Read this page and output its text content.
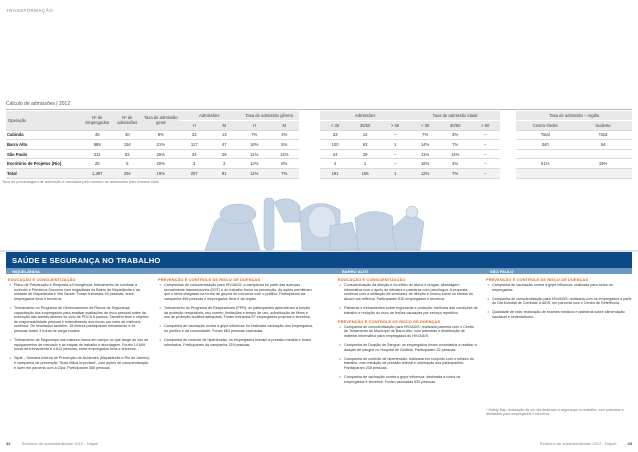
TRANSFORMAÇÃO
Cálculo de admissões | 2012
Operação	Nº de Empregados	Nº de admissões	Taxa de admissão geral	Admissões		Taxa de admissão gênero			Admissões			Taxa de admissão idade				Taxa de admissão – região	
				H	M	H	M		< 30	30/50	> 50	< 30	30/50	> 50		Centro-Oeste	Sudeste
Cabinda	45	40	9%	33	13	7%	3%		33	12	–	7%	3%	–		Total	Total
Barro Alto	689	154	21%	117	47	16%	5%		100	63	1	14%	7%	–		340	54
São Paulo	211	53	25%	24	29	11%	14%		24	29	–	11%	14%	–			
Escritório de Projetos (Rio)	25	5	20%	3	2	12%	8%		4	1	–	16%	4%	–		61%	19%
Total	1,387	294	19%	207	91	11%	7%		191	106	1	12%	7%	–			
Taxa de porcentagem de admissão é calculada pelo número de admissões pelo número total.
SAÚDE E SEGURANÇA NO TRABALHO
NIQUELÂNDIA	BARRO ALTO	SÃO PAULO
EDUCAÇÃO E CONSCIENTIZAÇÃO
• Plano de Preparação e Resposta a Emergência: treinamento de combate a incêndio e Primeiros Socorros com brigadistas do Bairro de Niquelândia e da unidade de Niquelândia e Vila Saúde. Foram treinados 93 pessoas, entre empregados fixos e terceiros.
• Treinamento no Programa de Gerenciamento de Riscos de Segurança: capacitação dos empregados para analisar avaliações de risco pessoal antes da execução das tarefas através do ciclo de PDCA 6 passos. Também teve o objetivo de responsabilidade pessoal e entendimento dos riscos por meio de melhoria contínua. Os resultados também. 28 líderes participaram treinamento e 44 pessoas foram 3 horas de carga horária.
• Treinamento de Segurança nos maiores riscos em campo no que tange ao uso de equipamentos de mercado e às etapas de trabalho e abordagem. Foram 14.609 horas de treinamento e 4.812 pessoas, entre empregados fixos e terceiros.
• Sipat – Semana Interna de Prevenção de Acidentes (Niquelândia e Rio de Janeiro) e campanha de prevenção “Suas Mãos Importam”, com ações de conscientização e lazer em parceria com a Cipa. Participaram 585 pessoas.
PREVENÇÃO E CONTROLE DE RISCO DE DOENÇAS
• Campanhas de conscientização para HIV/AIDS: a campanha foi parte das doenças sexualmente transmissíveis (DST) e do trabalho focou na prevenção. As ações permitiram que o tema chegasse na forma de grupos de conversa com o público. Participaram da campanha 496 pessoas e empregados fixos e da região.
• Treinamento do Programa de Respiradores (PPR): os participantes aprenderam a função da proteção respiratória, uso correto, limitações e tempo de uso, substituição de filtros e uso de proteção auditiva adequada. Foram treinados 57 empregados próprios e terceiros.
• Campanha de vacinação contra a gripe influenza: foi realizada vacinação dos empregados, do público e da comunidade. Foram 663 pessoas vacinadas.
• Campanha de controle de hipertensão: os empregados tiveram a pressão medida e foram orientados. Participaram da campanha 339 pessoas.
EDUCAÇÃO E CONSCIENTIZAÇÃO
• Conscientização da direção e do efeito do álcool e drogas: abordagem informativa com o apoio de debates e palestras com psicólogos. A proposta continua com a utilização de simulador de direção e ensino sobre os efeitos do álcool nos reflexos. Participaram 530 empregados e terceiros.
• Palestras e treinamentos sobre ergonomia e proteção: melhoria das condições de trabalho e redução do risco de lesões causadas por esforço repetitivo.
PREVENÇÃO E CONTROLE DE RISCO DE DOENÇAS
• Campanha de conscientização para HIV/AIDS: realizada parceria com o Centro de Tratamento do Município de Barro Alto, com palestras e distribuição de material informativo para empregados do HIV/AIDS.
• Campanha de Doação de Sangue: os empregados foram convidados a realizar a doação de sangue no Hospital de Goiânia. Participaram 32 pessoas.
• Campanha de controle de hipertensão: realizada em conjunto com o médico do trabalho, com medição de pressão arterial e orientação aos participantes. Participaram 238 pessoas.
• Campanha de vacinação contra a gripe influenza: destinada a todos os empregados e terceiros. Foram vacinadas 530 pessoas.
PREVENÇÃO E CONTROLE DE RISCO DE DOENÇAS
• Campanha de vacinação contra a gripe influenza: realizada para todos os empregados.
• Campanha de conscientização para HIV/AIDS: realizada com os empregados a partir do Dia Mundial de Combate à AIDS, em parceria com o Centro de Referência.
• Qualidade de vida: realização de exames médicos e palestras sobre alimentação saudável e sedentarismo.
* Safety Day: realização de um dia dedicado à segurança no trabalho, com palestras e atividades para empregados e terceiros.
42	Relatório de sustentabilidade 2012 - Níquel	Relatório de sustentabilidade 2012 - Níquel	43
